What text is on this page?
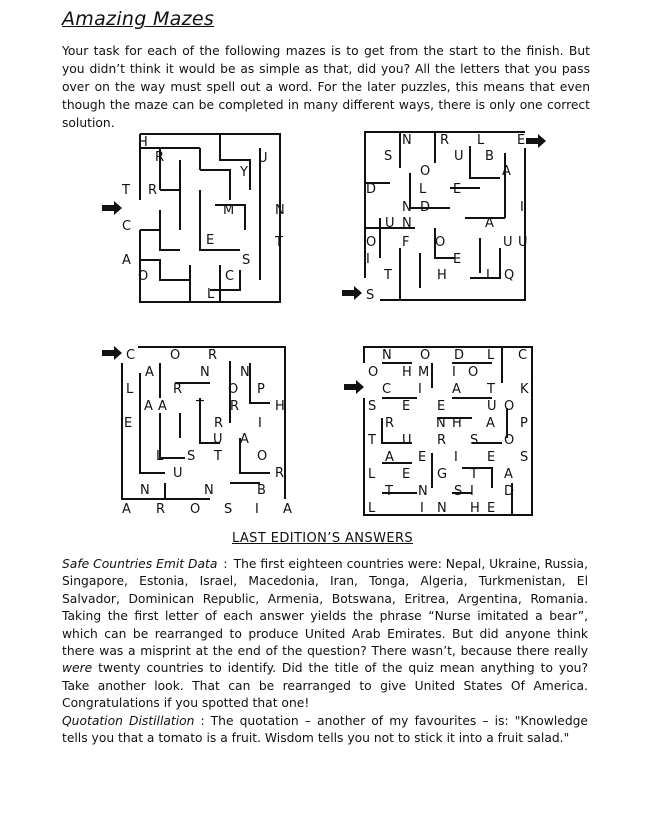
Amazing Mazes

Your task for each of the following mazes is to get from the start to the finish. But you didn’t think it would be as simple as that, did you? All the letters that you pass over on the way must spell out a word. For the later puzzles, this means that even though the maze can be completed in many different ways, there is only one correct solution.

H
R	U
I	Y
T R
M	N
C
E	T
A	S
O	C
L
N R L	E
S	U B
O	A
D	L E
N D	I
U N	A
O F O	U U
I	E
T	H	I Q
S
C	O R
A	N N
L	R	O P
A A T R	H
E	I R	I
U A
L S T	O
U	R
N	N	B
A R O S I A
N O D L C
O H M I O
C I A T K
S E E	U O
R	N H A P
T U R S O
A E I E S
L E G T A
T N S I D
L	I N H E
LAST EDITION’S ANSWERS

Safe Countries Emit Data : The first eighteen countries were: Nepal, Ukraine, Russia, Singapore, Estonia, Israel, Macedonia, Iran, Tonga, Algeria, Turkmenistan, El Salvador, Dominican Republic, Armenia, Botswana, Eritrea, Argentina, Romania. Taking the first letter of each answer yields the phrase “Nurse imitated a bear”, which can be rearranged to produce United Arab Emirates. But did anyone think there was a misprint at the end of the question? There wasn’t, because there really were twenty countries to identify. Did the title of the quiz mean anything to you? Take another look. That can be rearranged to give United States Of America. Congratulations if you spotted that one!
Quotation Distillation : The quotation – another of my favourites – is: "Knowledge tells you that a tomato is a fruit. Wisdom tells you not to stick it into a fruit salad."
